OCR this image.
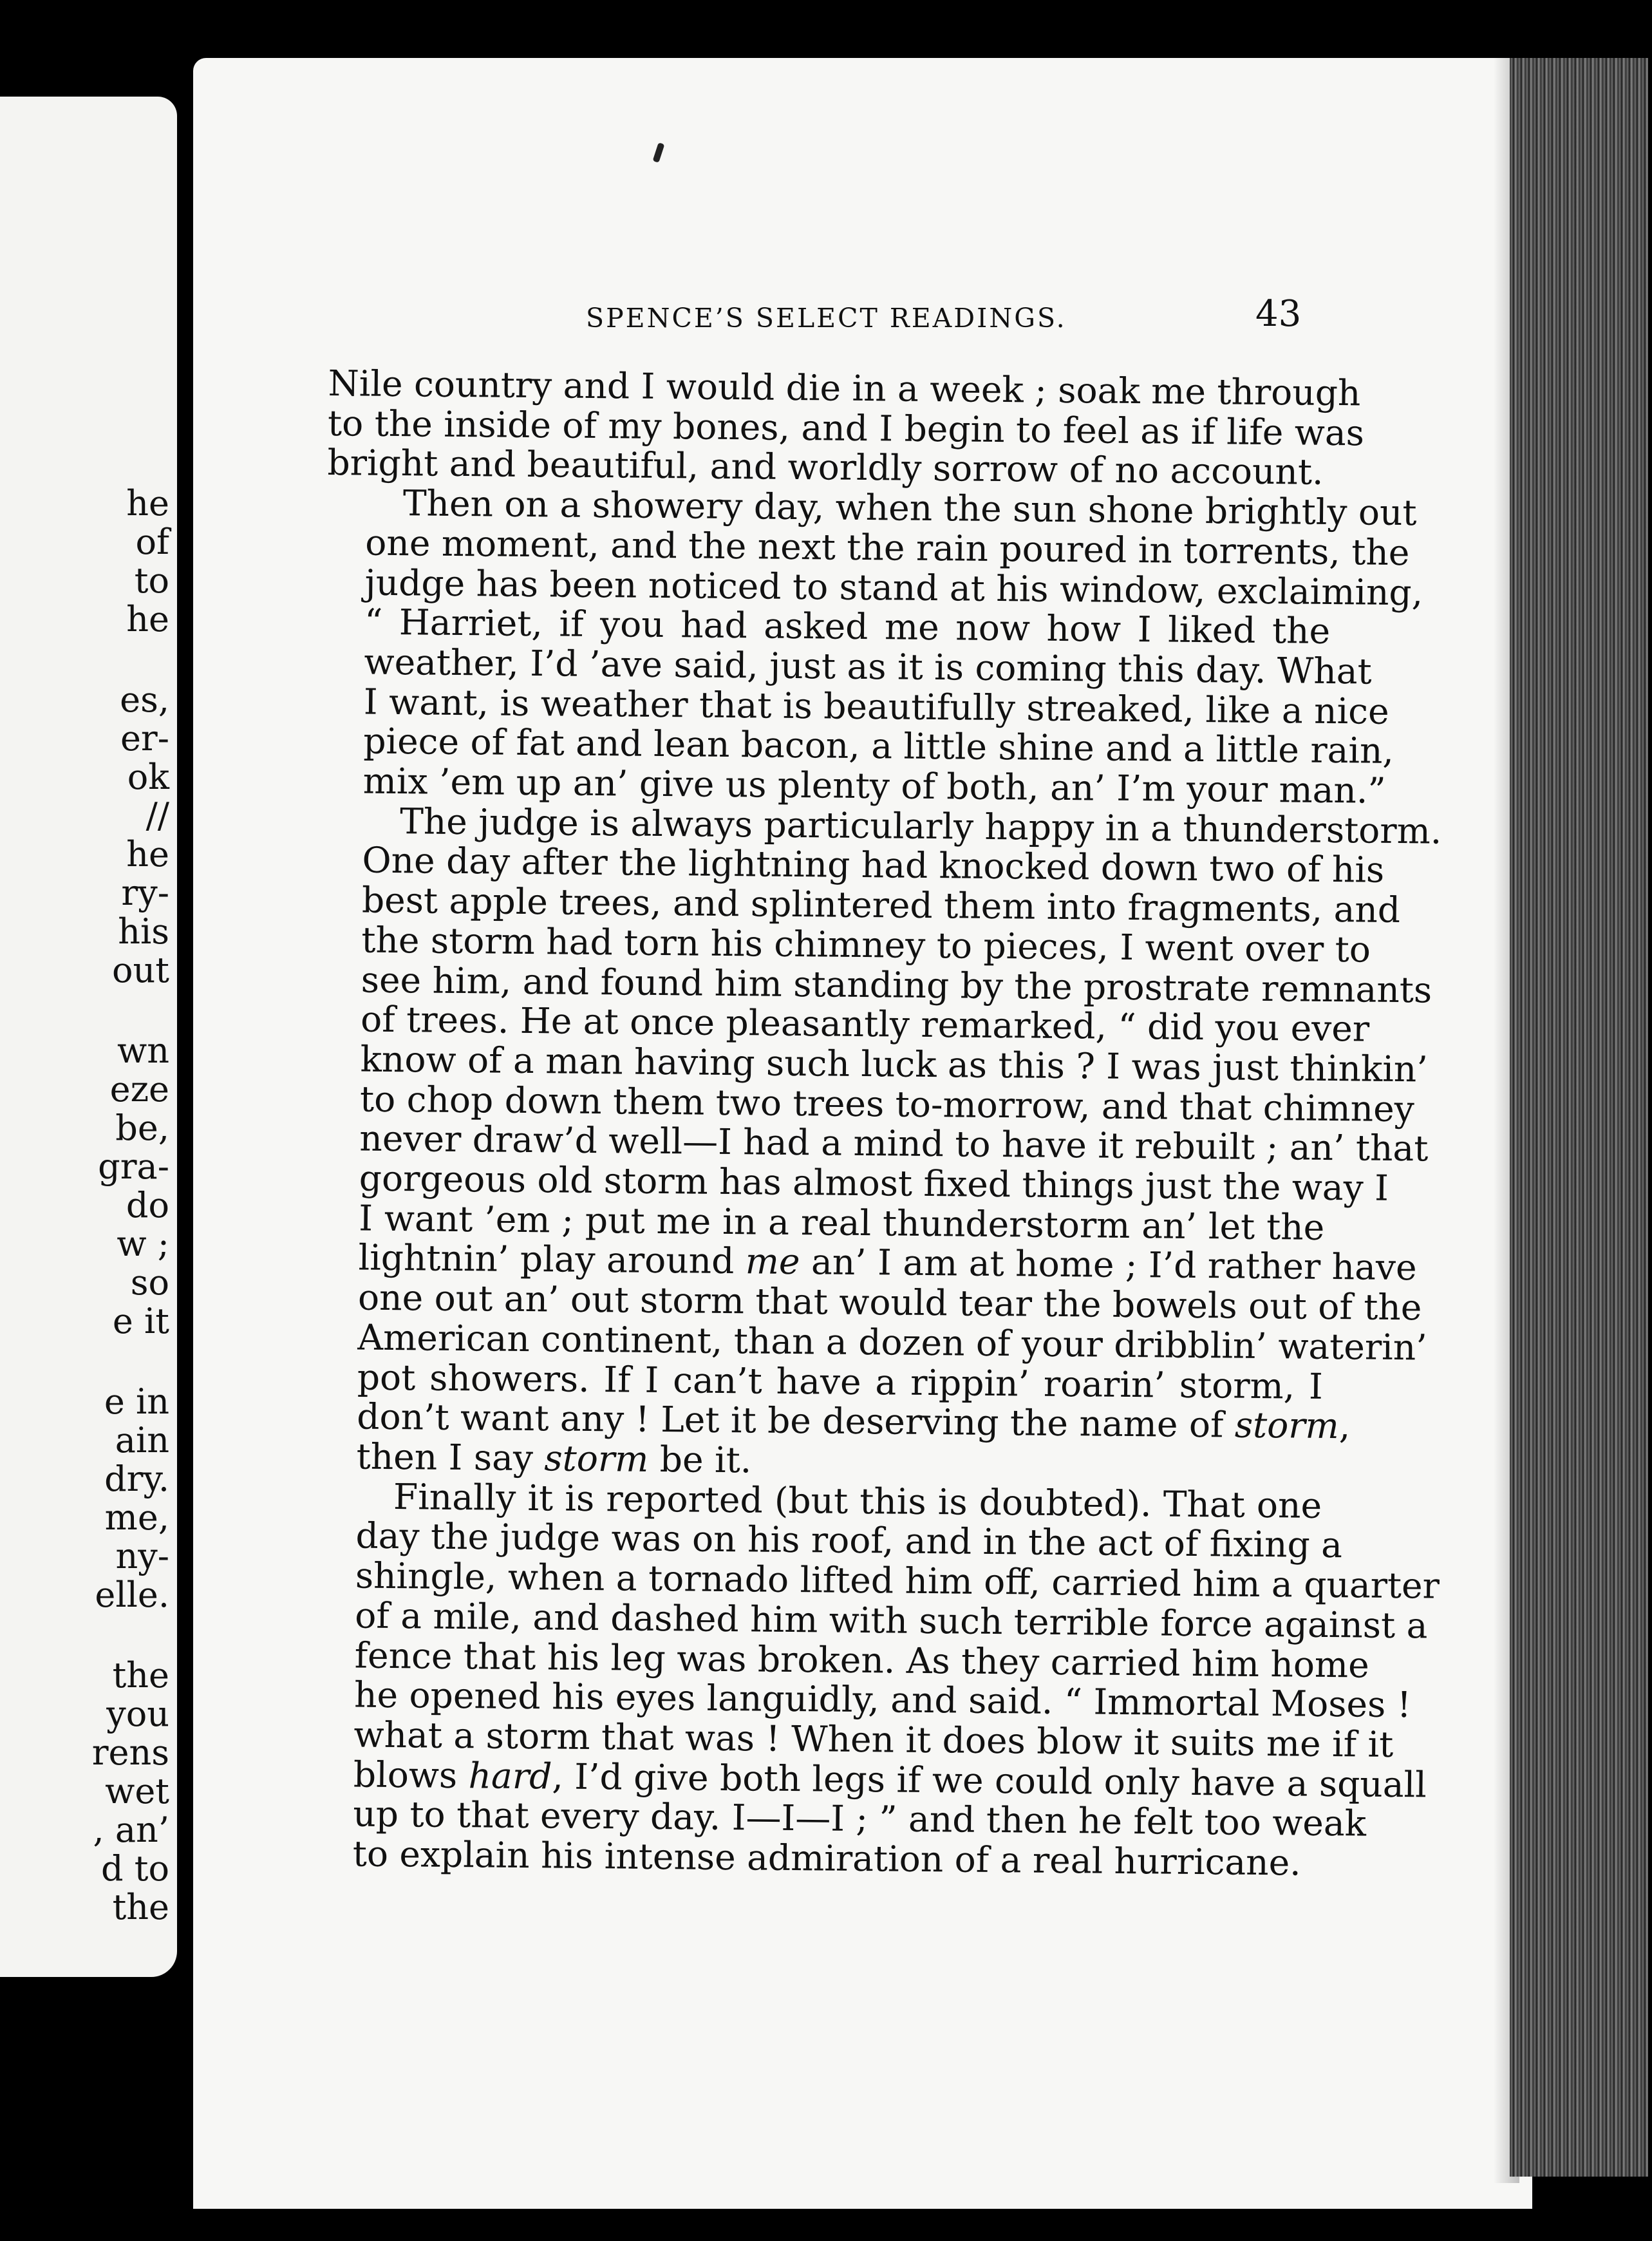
he
of
to
he
es,
er-
ok
//
he
ry-
his
out
wn
eze
be,
gra-
do
w ;
so
e it
e in
ain
dry.
me,
ny-
elle.
the
you
rens
wet
, an’
d to
the
SPENCE’S SELECT READINGS.	43

Nile country and I would die in a week ; soak me through
to the inside of my bones, and I begin to feel as if life was
bright and beautiful, and worldly sorrow of no account.

Then on a showery day, when the sun shone brightly out
one moment, and the next the rain poured in torrents, the
judge has been noticed to stand at his window, exclaiming,
“ Harriet, if you had asked me now how I liked the
weather, I’d ’ave said, just as it is coming this day. What
I want, is weather that is beautifully streaked, like a nice
piece of fat and lean bacon, a little shine and a little rain,
mix ’em up an’ give us plenty of both, an’ I’m your man.”

The judge is always particularly happy in a thunderstorm.
One day after the lightning had knocked down two of his
best apple trees, and splintered them into fragments, and
the storm had torn his chimney to pieces, I went over to
see him, and found him standing by the prostrate remnants
of trees. He at once pleasantly remarked, “ did you ever
know of a man having such luck as this ? I was just thinkin’
to chop down them two trees to-morrow, and that chimney
never draw’d well—I had a mind to have it rebuilt ; an’ that
gorgeous old storm has almost fixed things just the way I
I want ’em ; put me in a real thunderstorm an’ let the
lightnin’ play around me an’ I am at home ; I’d rather have
one out an’ out storm that would tear the bowels out of the
American continent, than a dozen of your dribblin’ waterin’
pot showers. If I can’t have a rippin’ roarin’ storm, I
don’t want any ! Let it be deserving the name of storm,
then I say storm be it.

Finally it is reported (but this is doubted). That one
day the judge was on his roof, and in the act of fixing a
shingle, when a tornado lifted him off, carried him a quarter
of a mile, and dashed him with such terrible force against a
fence that his leg was broken. As they carried him home
he opened his eyes languidly, and said. “ Immortal Moses !
what a storm that was ! When it does blow it suits me if it
blows hard, I’d give both legs if we could only have a squall
up to that every day. I—I—I ; ” and then he felt too weak
to explain his intense admiration of a real hurricane.
